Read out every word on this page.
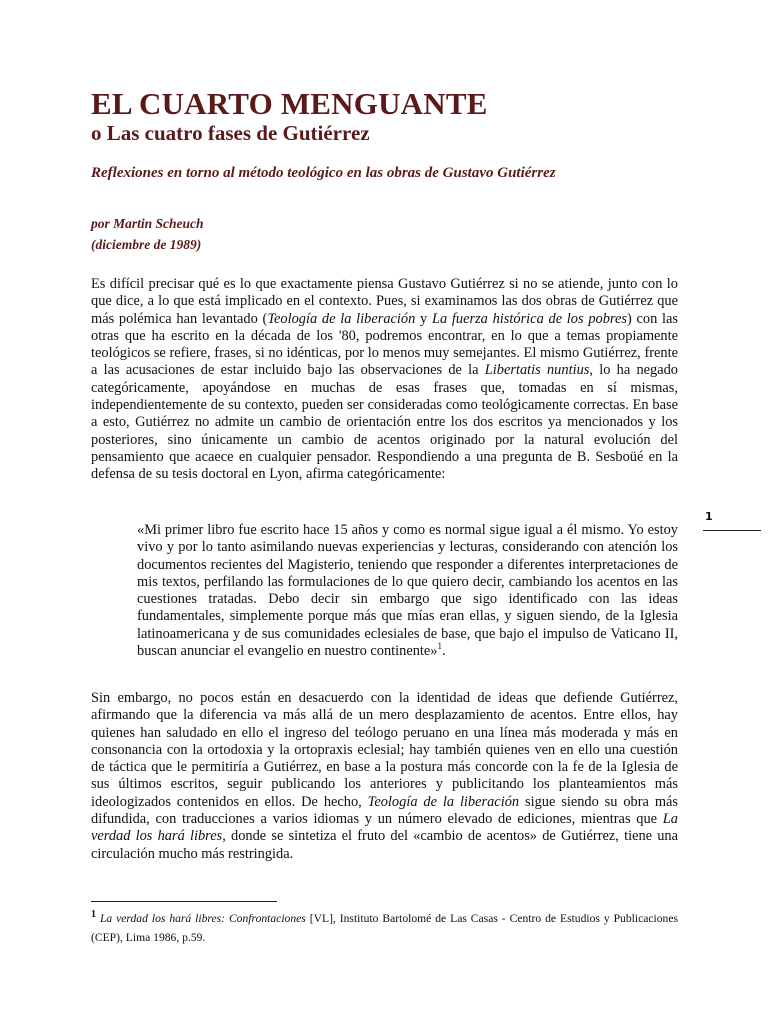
EL CUARTO MENGUANTE
o Las cuatro fases de Gutiérrez

Reflexiones en torno al método teológico en las obras de Gustavo Gutiérrez

por Martin Scheuch

(diciembre de 1989)

Es difícil precisar qué es lo que exactamente piensa Gustavo Gutiérrez si no se atiende, junto con lo que dice, a lo que está implicado en el contexto. Pues, si examinamos las dos obras de Gutiérrez que más polémica han levantado (Teología de la liberación y La fuerza histórica de los pobres) con las otras que ha escrito en la década de los '80, podremos encontrar, en lo que a temas propiamente teológicos se refiere, frases, si no idénticas, por lo menos muy semejantes. El mismo Gutiérrez, frente a las acusaciones de estar incluido bajo las observaciones de la Libertatis nuntius, lo ha negado categóricamente, apoyándose en muchas de esas frases que, tomadas en sí mismas, independientemente de su contexto, pueden ser consideradas como teológicamente correctas. En base a esto, Gutiérrez no admite un cambio de orientación entre los dos escritos ya mencionados y los posteriores, sino únicamente un cambio de acentos originado por la natural evolución del pensamiento que acaece en cualquier pensador. Respondiendo a una pregunta de B. Sesboüé en la defensa de su tesis doctoral en Lyon, afirma categóricamente:

«Mi primer libro fue escrito hace 15 años y como es normal sigue igual a él mismo. Yo estoy vivo y por lo tanto asimilando nuevas experiencias y lecturas, considerando con atención los documentos recientes del Magisterio, teniendo que responder a diferentes interpretaciones de mis textos, perfilando las formulaciones de lo que quiero decir, cambiando los acentos en las cuestiones tratadas. Debo decir sin embargo que sigo identificado con las ideas fundamentales, simplemente porque más que mías eran ellas, y siguen siendo, de la Iglesia latinoamericana y de sus comunidades eclesiales de base, que bajo el impulso de Vaticano II, buscan anunciar el evangelio en nuestro continente»$^1$.

Sin embargo, no pocos están en desacuerdo con la identidad de ideas que defiende Gutiérrez, afirmando que la diferencia va más allá de un mero desplazamiento de acentos. Entre ellos, hay quienes han saludado en ello el ingreso del teólogo peruano en una línea más moderada y más en consonancia con la ortodoxia y la ortopraxis eclesial; hay también quienes ven en ello una cuestión de táctica que le permitiría a Gutiérrez, en base a la postura más concorde con la fe de la Iglesia de sus últimos escritos, seguir publicando los anteriores y publicitando los planteamientos más ideologizados contenidos en ellos. De hecho, Teología de la liberación sigue siendo su obra más difundida, con traducciones a varios idiomas y un número elevado de ediciones, mientras que La verdad los hará libres, donde se sintetiza el fruto del «cambio de acentos» de Gutiérrez, tiene una circulación mucho más restringida.

1 La verdad los hará libres: Confrontaciones [VL], Instituto Bartolomé de Las Casas - Centro de Estudios y Publicaciones (CEP), Lima 1986, p.59.

1
